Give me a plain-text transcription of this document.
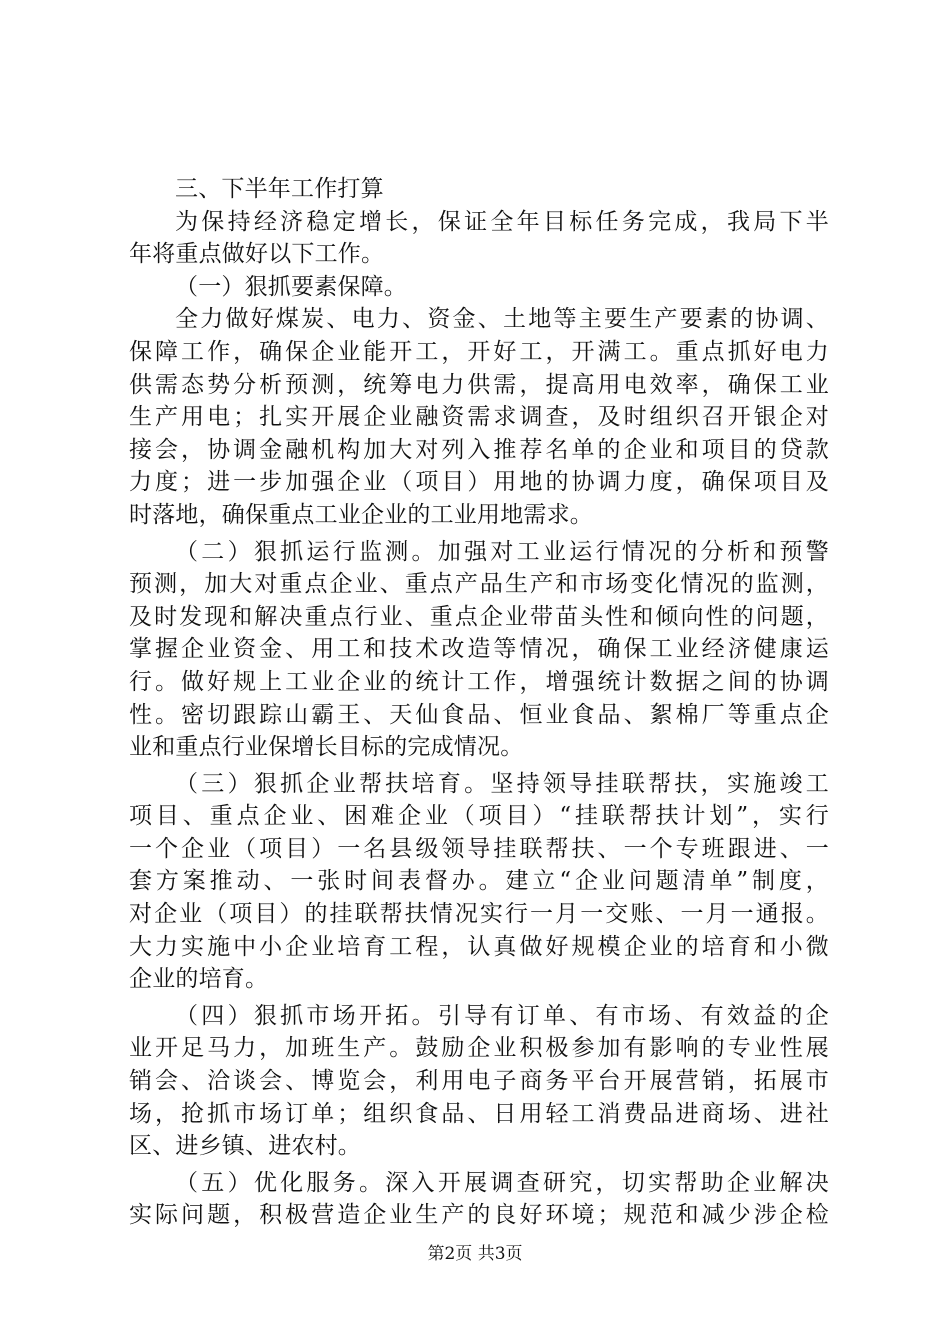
三、下半年工作打算
为保持经济稳定增长，保证全年目标任务完成，我局下半
年将重点做好以下工作。
（一）狠抓要素保障。
全力做好煤炭、电力、资金、土地等主要生产要素的协调、
保障工作，确保企业能开工，开好工，开满工。重点抓好电力
供需态势分析预测，统筹电力供需，提高用电效率，确保工业
生产用电；扎实开展企业融资需求调查，及时组织召开银企对
接会，协调金融机构加大对列入推荐名单的企业和项目的贷款
力度；进一步加强企业（项目）用地的协调力度，确保项目及
时落地，确保重点工业企业的工业用地需求。
（二）狠抓运行监测。加强对工业运行情况的分析和预警
预测，加大对重点企业、重点产品生产和市场变化情况的监测，
及时发现和解决重点行业、重点企业带苗头性和倾向性的问题，
掌握企业资金、用工和技术改造等情况，确保工业经济健康运
行。做好规上工业企业的统计工作，增强统计数据之间的协调
性。密切跟踪山霸王、天仙食品、恒业食品、絮棉厂等重点企
业和重点行业保增长目标的完成情况。
（三）狠抓企业帮扶培育。坚持领导挂联帮扶，实施竣工
项目、重点企业、困难企业（项目）“挂联帮扶计划”，实行
一个企业（项目）一名县级领导挂联帮扶、一个专班跟进、一
套方案推动、一张时间表督办。建立“企业问题清单”制度，
对企业（项目）的挂联帮扶情况实行一月一交账、一月一通报。
大力实施中小企业培育工程，认真做好规模企业的培育和小微
企业的培育。
（四）狠抓市场开拓。引导有订单、有市场、有效益的企
业开足马力，加班生产。鼓励企业积极参加有影响的专业性展
销会、洽谈会、博览会，利用电子商务平台开展营销，拓展市
场，抢抓市场订单；组织食品、日用轻工消费品进商场、进社
区、进乡镇、进农村。
（五）优化服务。深入开展调查研究，切实帮助企业解决
实际问题，积极营造企业生产的良好环境；规范和减少涉企检
第2页 共3页
